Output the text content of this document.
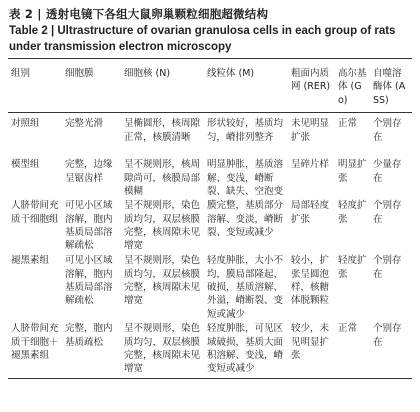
表 2 | 透射电镜下各组大鼠卵巢颗粒细胞超微结构
Table 2 | Ultrastructure of ovarian granulosa cells in each group of rats under transmission electron microscopy
组别	细胞膜	细胞核 (N)	线粒体 (M)	粗面内质网 (RER)	高尔基体 (Go)	自噬溶酶体 (ASS)
对照组	完整光滑	呈椭圆形，核周隙正常，核膜清晰	形状较好，基质均匀，嵴排列整齐	未见明显扩张	正常	个别存在
模型组	完整，边缘呈锯齿样	呈不规则形，核周隙尚可，核膜局部模糊	明显肿胀，基质溶解、变浅，嵴断裂、缺失、空泡变	呈碎片样	明显扩张	少量存在
人脐带间充质干细胞组	可见小区域溶解，胞内基质局部溶解疏松	呈不规则形，染色质均匀，双层核膜完整，核周隙未见增宽	膜完整，基质部分溶解、变淡，嵴断裂、变短或减少	局部轻度扩张	轻度扩张	个别存在
褪黑素组	可见小区域溶解，胞内基质局部溶解疏松	呈不规则形，染色质均匀，双层核膜完整，核周隙未见增宽	轻度肿胀，大小不均，膜局部隆起、破损，基质溶解、外溢，嵴断裂、变短或减少	较小，扩张呈圆泡样，核糖体脱颗粒	轻度扩张	个别存在
人脐带间充质干细胞＋褪黑素组	完整，胞内基质疏松	呈不规则形，染色质均匀，双层核膜完整，核周隙未见增宽	轻度肿胀，可见区域破损，基质大面积溶解、变浅，嵴变短或减少	较少，未见明显扩张	正常	个别存在
